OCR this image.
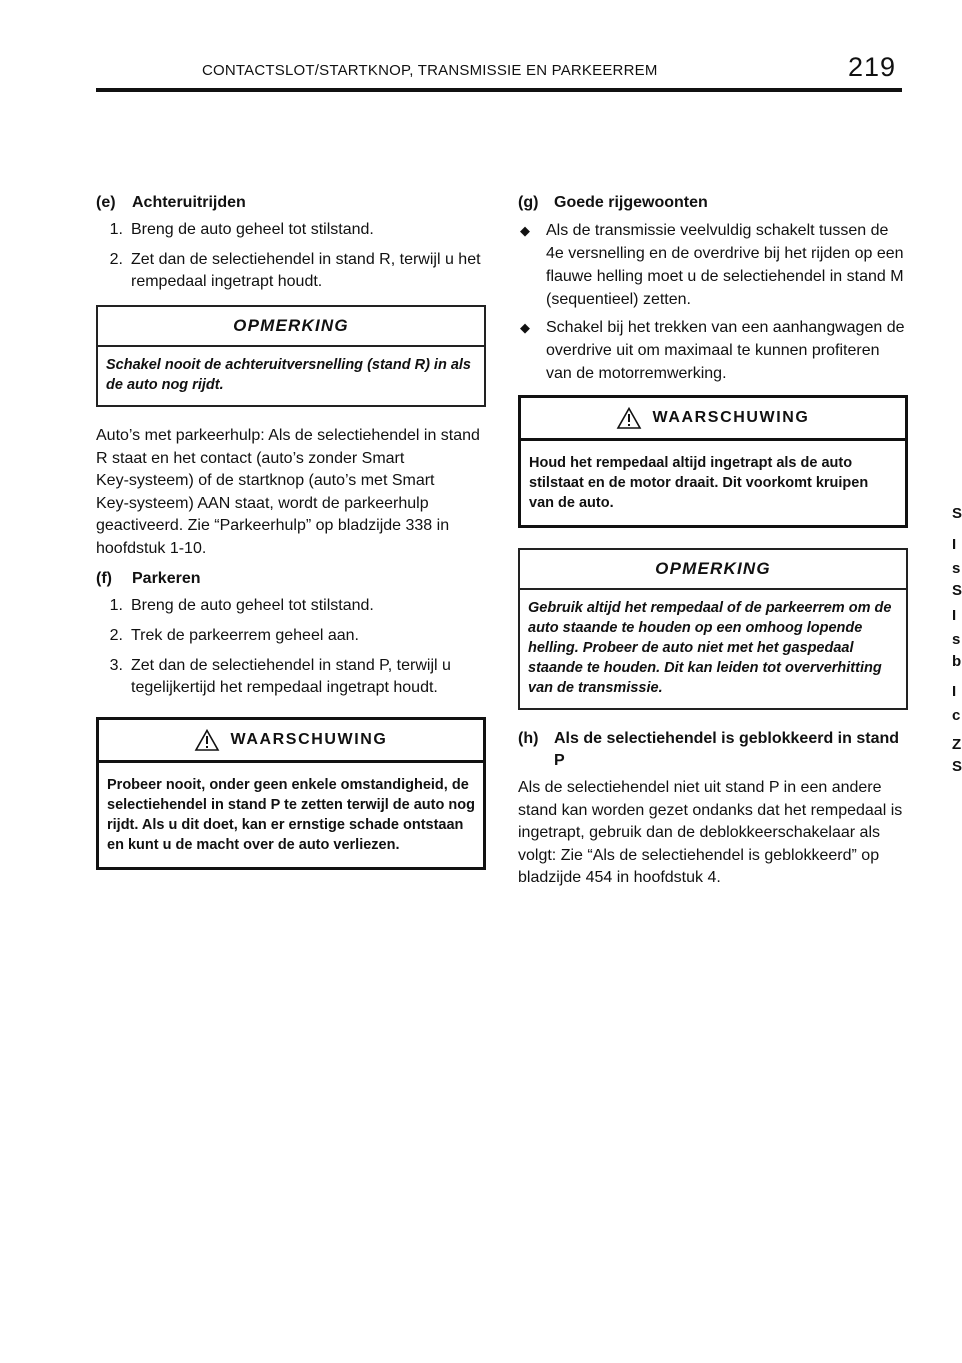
CONTACTSLOT/STARTKNOP, TRANSMISSIE EN PARKEERREM	219
S
I
s
S
I
s
b
I
c
Z
S
(e)	Achteruitrijden
1. Breng de auto geheel tot stilstand.
2. Zet dan de selectiehendel in stand R, terwijl u het rempedaal ingetrapt houdt.
OPMERKING
Schakel nooit de achteruitversnelling (stand R) in als de auto nog rijdt.

Auto’s met parkeerhulp: Als de selectiehendel in stand R staat en het contact (auto’s zonder Smart Key‑systeem) of de startknop (auto’s met Smart Key‑systeem) AAN staat, wordt de parkeerhulp geactiveerd. Zie “Parkeerhulp” op bladzijde 338 in hoofdstuk 1‑10.

(f)	Parkeren
1. Breng de auto geheel tot stilstand.
2. Trek de parkeerrem geheel aan.
3. Zet dan de selectiehendel in stand P, terwijl u tegelijkertijd het rempedaal ingetrapt houdt.
WAARSCHUWING
Probeer nooit, onder geen enkele omstandigheid, de selectiehendel in stand P te zetten terwijl de auto nog rijdt. Als u dit doet, kan er ernstige schade ontstaan en kunt u de macht over de auto verliezen.
(g) Goede rijgewoonten
◆	Als de transmissie veelvuldig schakelt tussen de 4e versnelling en de overdrive bij het rijden op een flauwe helling moet u de selectiehendel in stand M (sequentieel) zetten.
◆	Schakel bij het trekken van een aanhangwagen de overdrive uit om maximaal te kunnen profiteren van de motorremwerking.
WAARSCHUWING
Houd het rempedaal altijd ingetrapt als de auto stilstaat en de motor draait. Dit voorkomt kruipen van de auto.
OPMERKING
Gebruik altijd het rempedaal of de parkeerrem om de auto staande te houden op een omhoog lopende helling. Probeer de auto niet met het gaspedaal staande te houden. Dit kan leiden tot oververhitting van de transmissie.
(h) Als de selectiehendel is geblokkeerd in stand P

Als de selectiehendel niet uit stand P in een andere stand kan worden gezet ondanks dat het rempedaal is ingetrapt, gebruik dan de deblokkeerschakelaar als volgt: Zie “Als de selectiehendel is geblokkeerd” op bladzijde 454 in hoofdstuk 4.
